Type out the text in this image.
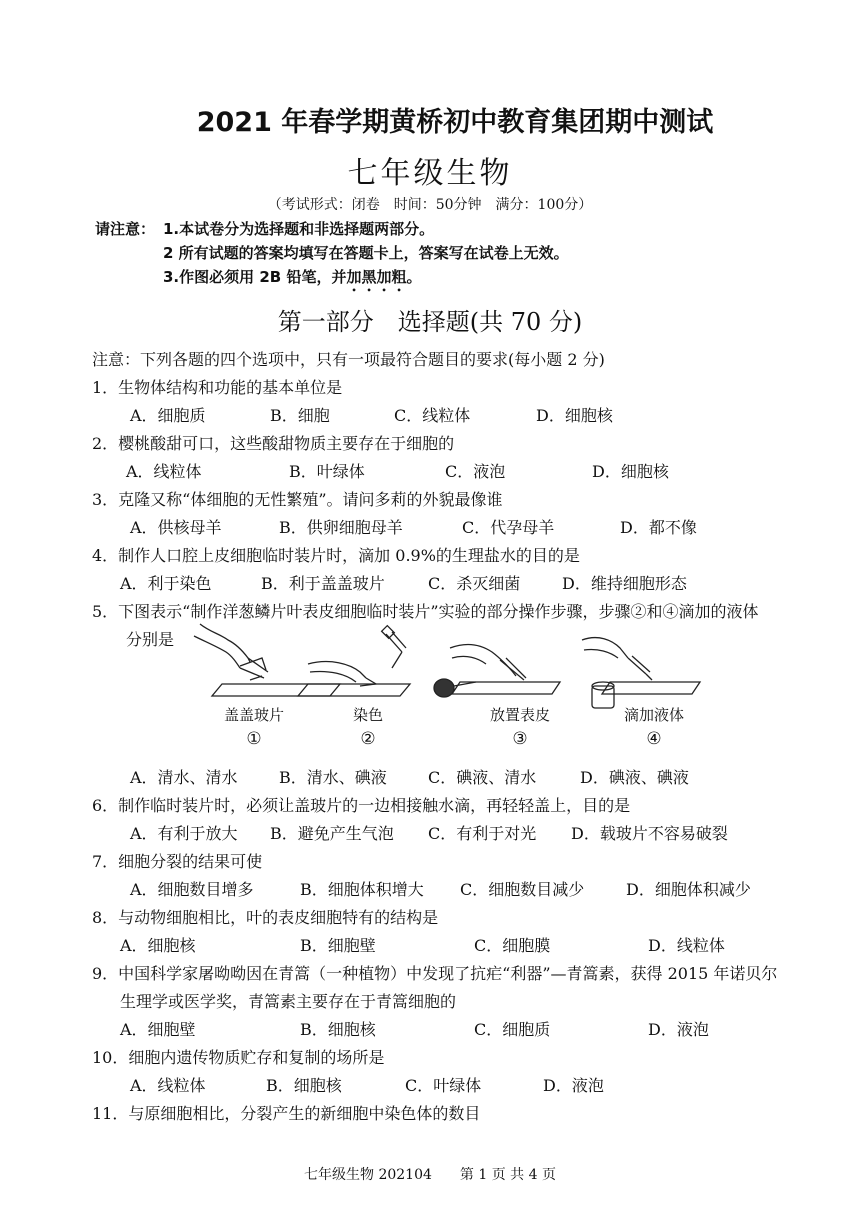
2021 年春学期黄桥初中教育集团期中测试
七年级生物
（考试形式：闭卷　时间：50分钟　满分：100分）
请注意： 1.本试卷分为选择题和非选择题两部分。
2 所有试题的答案均填写在答题卡上，答案写在试卷上无效。
3.作图必须用 2B 铅笔，并加黑加粗。
第一部分　选择题(共 70 分)
注意：下列各题的四个选项中，只有一项最符合题目的要求(每小题 2 分)
1．生物体结构和功能的基本单位是
A．细胞质	B．细胞	C．线粒体	D．细胞核
2．樱桃酸甜可口，这些酸甜物质主要存在于细胞的
A．线粒体	B．叶绿体	C．液泡	D．细胞核
3．克隆又称“体细胞的无性繁殖”。请问多莉的外貌最像谁
A．供核母羊	B．供卵细胞母羊	C．代孕母羊	D．都不像
4．制作人口腔上皮细胞临时装片时，滴加 0.9%的生理盐水的目的是
A．利于染色	B．利于盖盖玻片	C．杀灭细菌	D．维持细胞形态
5．下图表示“制作洋葱鳞片叶表皮细胞临时装片”实验的部分操作步骤，步骤②和④滴加的液体
分别是
盖盖玻片	染色	放置表皮	滴加液体
①	②	③	④
A．清水、清水	B．清水、碘液	C．碘液、清水	D．碘液、碘液
6．制作临时装片时，必须让盖玻片的一边相接触水滴，再轻轻盖上，目的是
A．有利于放大 B．避免产生气泡 C．有利于对光 D．载玻片不容易破裂
7．细胞分裂的结果可使
A．细胞数目增多	B．细胞体积增大 C．细胞数目减少	D．细胞体积减少
8．与动物细胞相比，叶的表皮细胞特有的结构是
A．细胞核	B．细胞壁	C．细胞膜	D．线粒体
9．中国科学家屠呦呦因在青篙（一种植物）中发现了抗疟“利器”—青篙素，获得 2015 年诺贝尔
生理学或医学奖，青篙素主要存在于青篙细胞的
A．细胞壁	B．细胞核	C．细胞质	D．液泡
10．细胞内遗传物质贮存和复制的场所是
A．线粒体	B．细胞核	C．叶绿体	D．液泡
11．与原细胞相比，分裂产生的新细胞中染色体的数目
七年级生物 202104　　第 1 页 共 4 页
